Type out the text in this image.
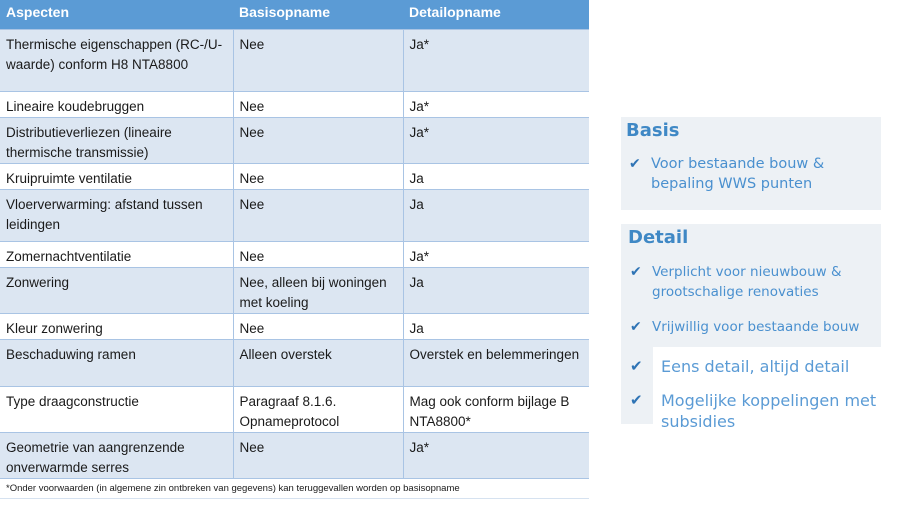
Aspecten	Basisopname	Detailopname
Thermische eigenschappen (RC-/U-waarde) conform H8 NTA8800	Nee	Ja*
Lineaire koudebruggen	Nee	Ja*
Distributieverliezen (lineaire thermische transmissie)	Nee	Ja*
Kruipruimte ventilatie	Nee	Ja
Vloerverwarming: afstand tussen leidingen	Nee	Ja
Zomernachtventilatie	Nee	Ja*
Zonwering	Nee, alleen bij woningen met koeling	Ja
Kleur zonwering	Nee	Ja
Beschaduwing ramen	Alleen overstek	Overstek en belemmeringen
Type draagconstructie	Paragraaf 8.1.6. Opnameprotocol	Mag ook conform bijlage B NTA8800*
Geometrie van aangrenzende onverwarmde serres	Nee	Ja*
*Onder voorwaarden (in algemene zin ontbreken van gegevens) kan teruggevallen worden op basisopname		
Basis
✔ Voor bestaande bouw & bepaling WWS punten
Detail
✔ Verplicht voor nieuwbouw & grootschalige renovaties
✔ Vrijwillig voor bestaande bouw
✔	Eens detail, altijd detail
✔	Mogelijke koppelingen met subsidies
